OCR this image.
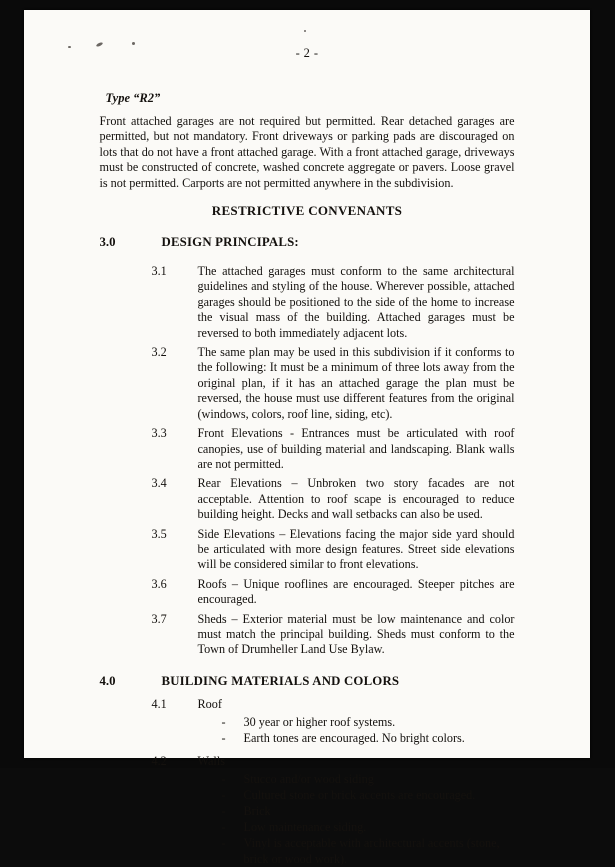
- 2 -
Type “R2”

Front attached garages are not required but permitted. Rear detached garages are permitted, but not mandatory. Front driveways or parking pads are discouraged on lots that do not have a front attached garage. With a front attached garage, driveways must be constructed of concrete, washed concrete aggregate or pavers. Loose gravel is not permitted. Carports are not permitted anywhere in the subdivision.

RESTRICTIVE CONVENANTS
3.0	DESIGN PRINCIPALS:
3.1	The attached garages must conform to the same architectural guidelines and styling of the house. Wherever possible, attached garages should be positioned to the side of the home to increase the visual mass of the building. Attached garages must be reversed to both immediately adjacent lots.
3.2	The same plan may be used in this subdivision if it conforms to the following: It must be a minimum of three lots away from the original plan, if it has an attached garage the plan must be reversed, the house must use different features from the original (windows, colors, roof line, siding, etc).
3.3	Front Elevations - Entrances must be articulated with roof canopies, use of building material and landscaping. Blank walls are not permitted.
3.4	Rear Elevations – Unbroken two story facades are not acceptable. Attention to roof scape is encouraged to reduce building height. Decks and wall setbacks can also be used.
3.5	Side Elevations – Elevations facing the major side yard should be articulated with more design features. Street side elevations will be considered similar to front elevations.
3.6	Roofs – Unique rooflines are encouraged. Steeper pitches are encouraged.
3.7	Sheds – Exterior material must be low maintenance and color must match the principal building. Sheds must conform to the Town of Drumheller Land Use Bylaw.
4.0	BUILDING MATERIALS AND COLORS
4.1	Roof
- 30 year or higher roof systems.
- Earth tones are encouraged. No bright colors.
4.2	Walls
- Stucco and/or wood siding
- Cultured stone or brick accents are encouraged.
- Brick
- Low maintenance siding.
- Vinyl is acceptable with architectural accents (stone, brick or wood work).
